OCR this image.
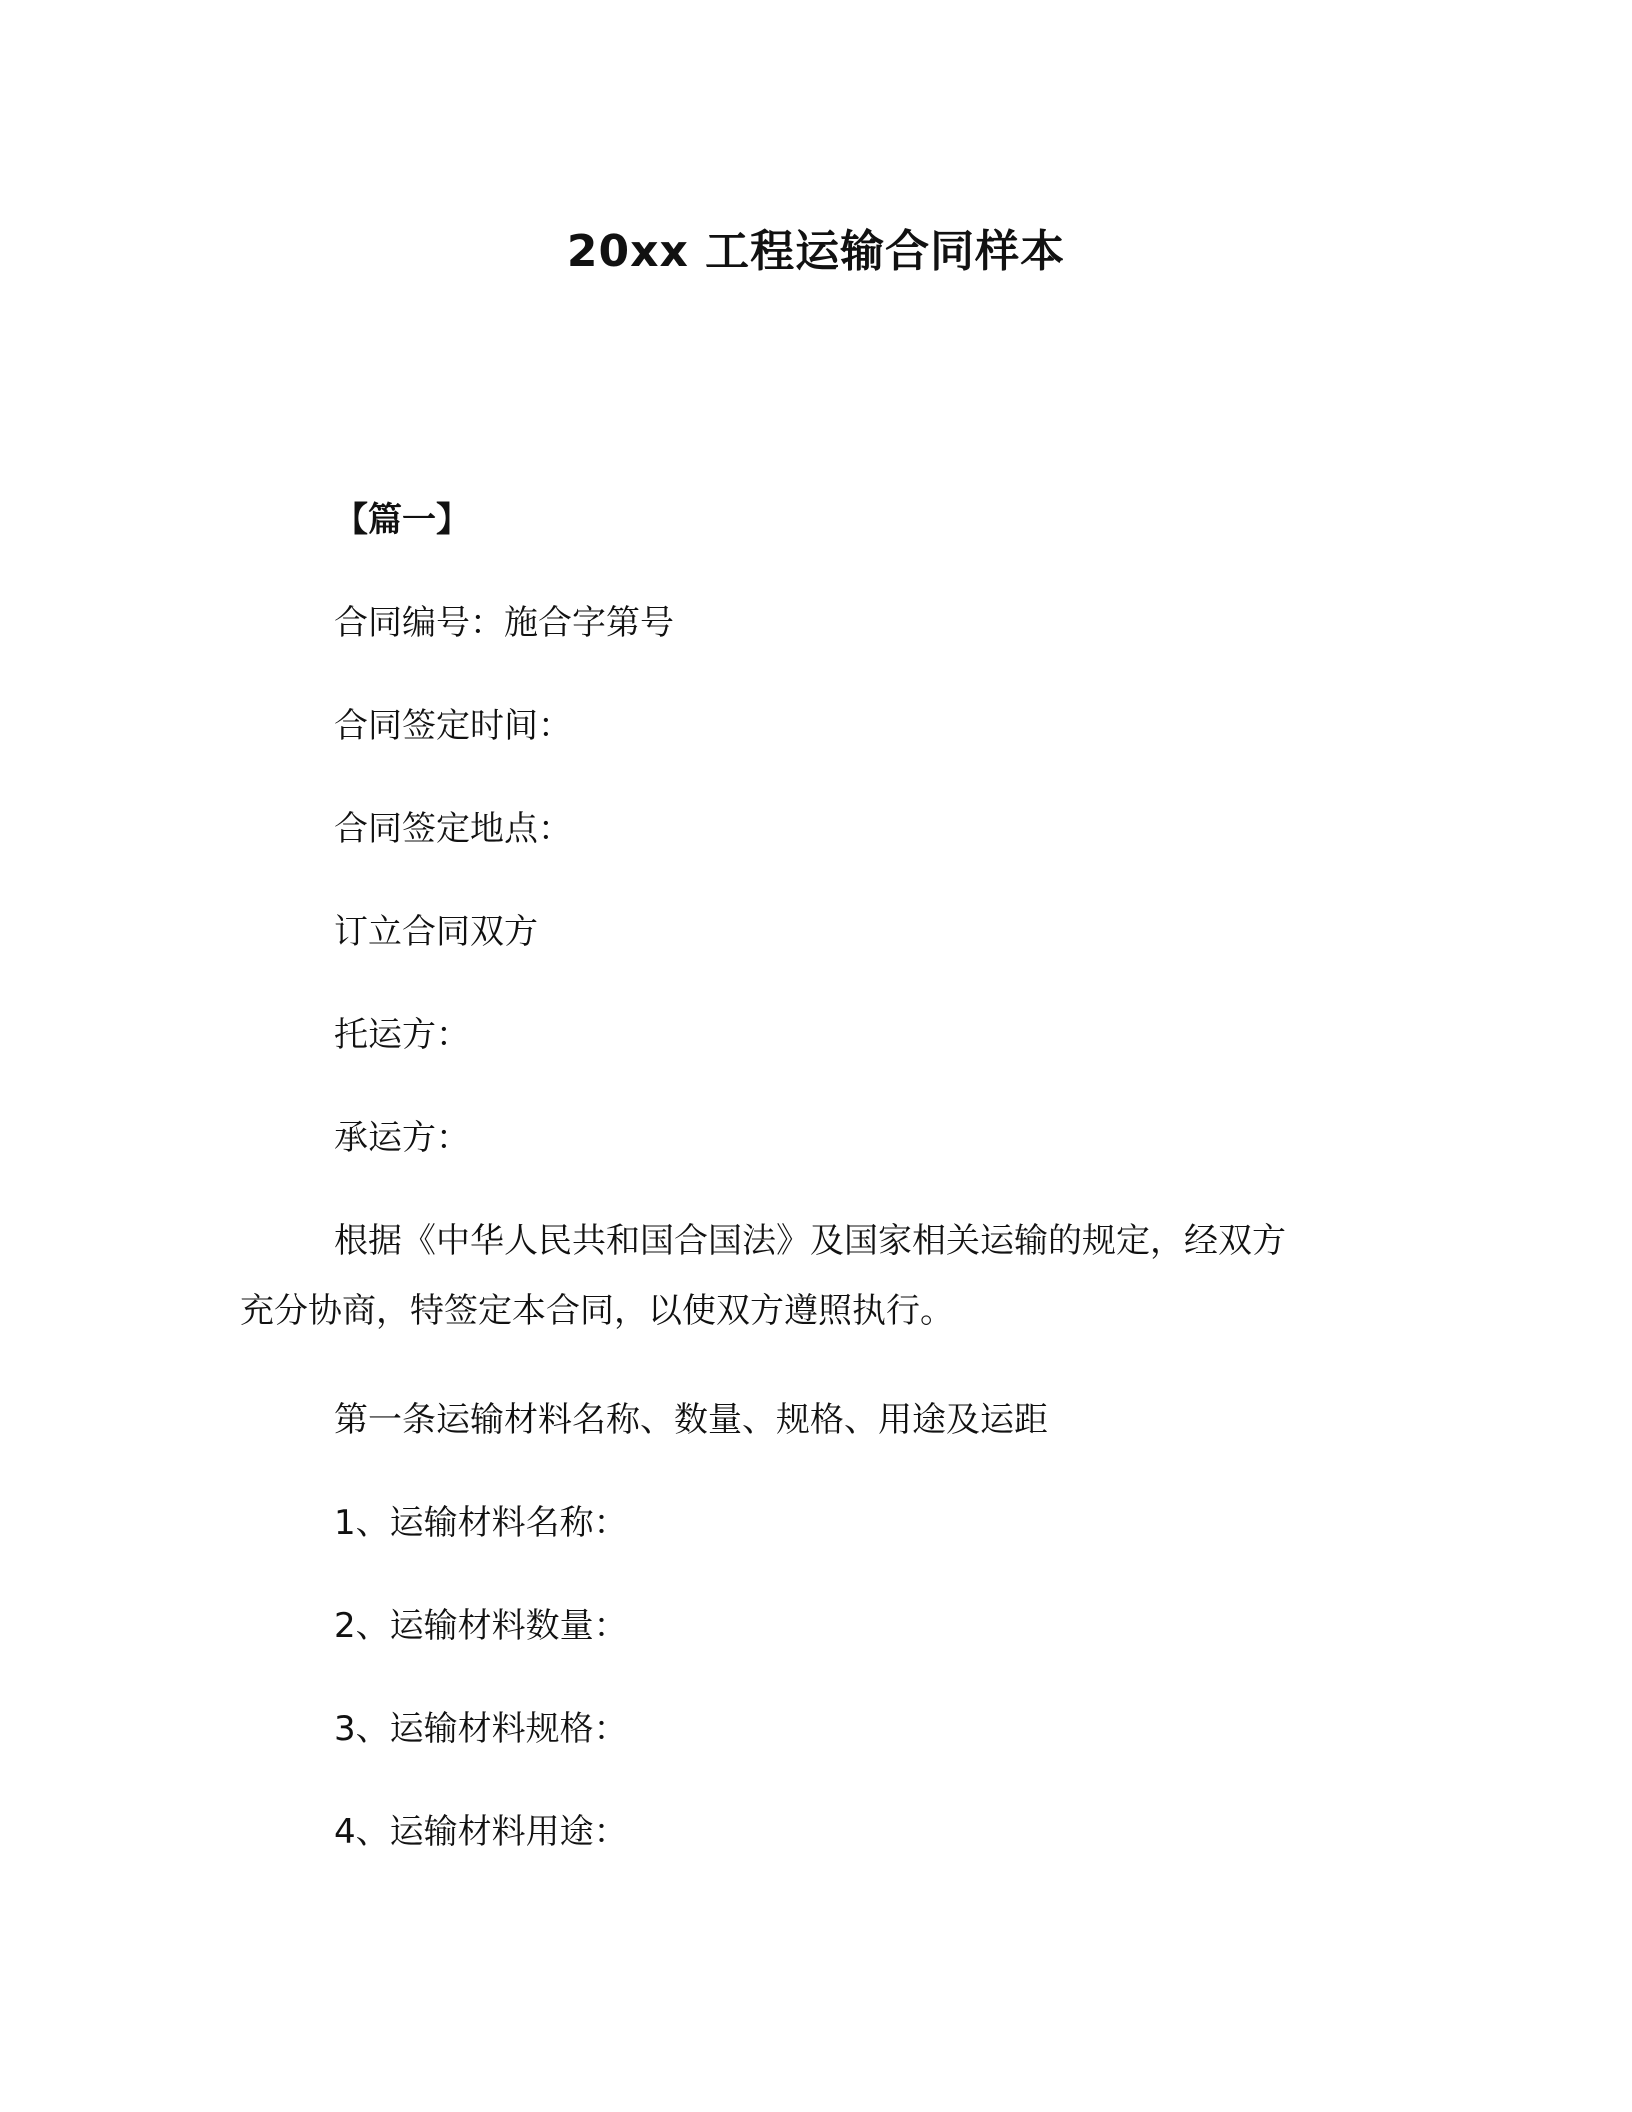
20xx 工程运输合同样本
【篇一】
合同编号：施合字第号
合同签定时间：
合同签定地点：
订立合同双方
托运方：
承运方：
根据《中华人民共和国合国法》及国家相关运输的规定，经双方
充分协商，特签定本合同，以使双方遵照执行。
第一条运输材料名称、数量、规格、用途及运距
1、运输材料名称：
2、运输材料数量：
3、运输材料规格：
4、运输材料用途：
